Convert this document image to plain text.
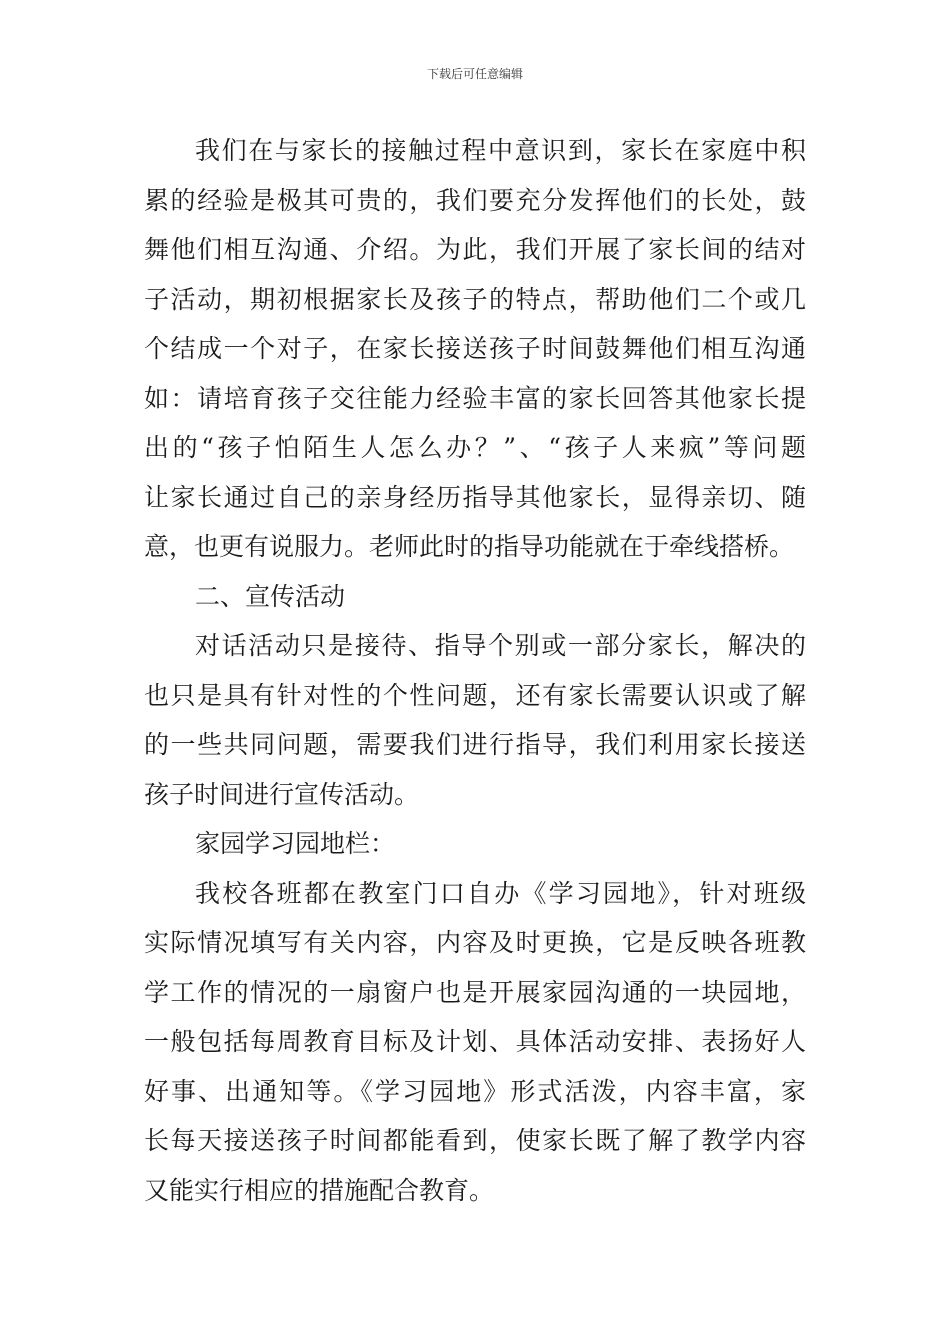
下载后可任意编辑
我们在与家长的接触过程中意识到，家长在家庭中积
累的经验是极其可贵的，我们要充分发挥他们的长处，鼓
舞他们相互沟通、介绍。为此，我们开展了家长间的结对
子活动，期初根据家长及孩子的特点，帮助他们二个或几
个结成一个对子，在家长接送孩子时间鼓舞他们相互沟通
如：请培育孩子交往能力经验丰富的家长回答其他家长提
出的“孩子怕陌生人怎么办？”、“孩子人来疯”等问题
让家长通过自己的亲身经历指导其他家长，显得亲切、随
意，也更有说服力。老师此时的指导功能就在于牵线搭桥。
二、宣传活动
对话活动只是接待、指导个别或一部分家长，解决的
也只是具有针对性的个性问题，还有家长需要认识或了解
的一些共同问题，需要我们进行指导，我们利用家长接送
孩子时间进行宣传活动。
家园学习园地栏：
我校各班都在教室门口自办《学习园地》，针对班级
实际情况填写有关内容，内容及时更换，它是反映各班教
学工作的情况的一扇窗户也是开展家园沟通的一块园地，
一般包括每周教育目标及计划、具体活动安排、表扬好人
好事、出通知等。《学习园地》形式活泼，内容丰富，家
长每天接送孩子时间都能看到，使家长既了解了教学内容
又能实行相应的措施配合教育。
